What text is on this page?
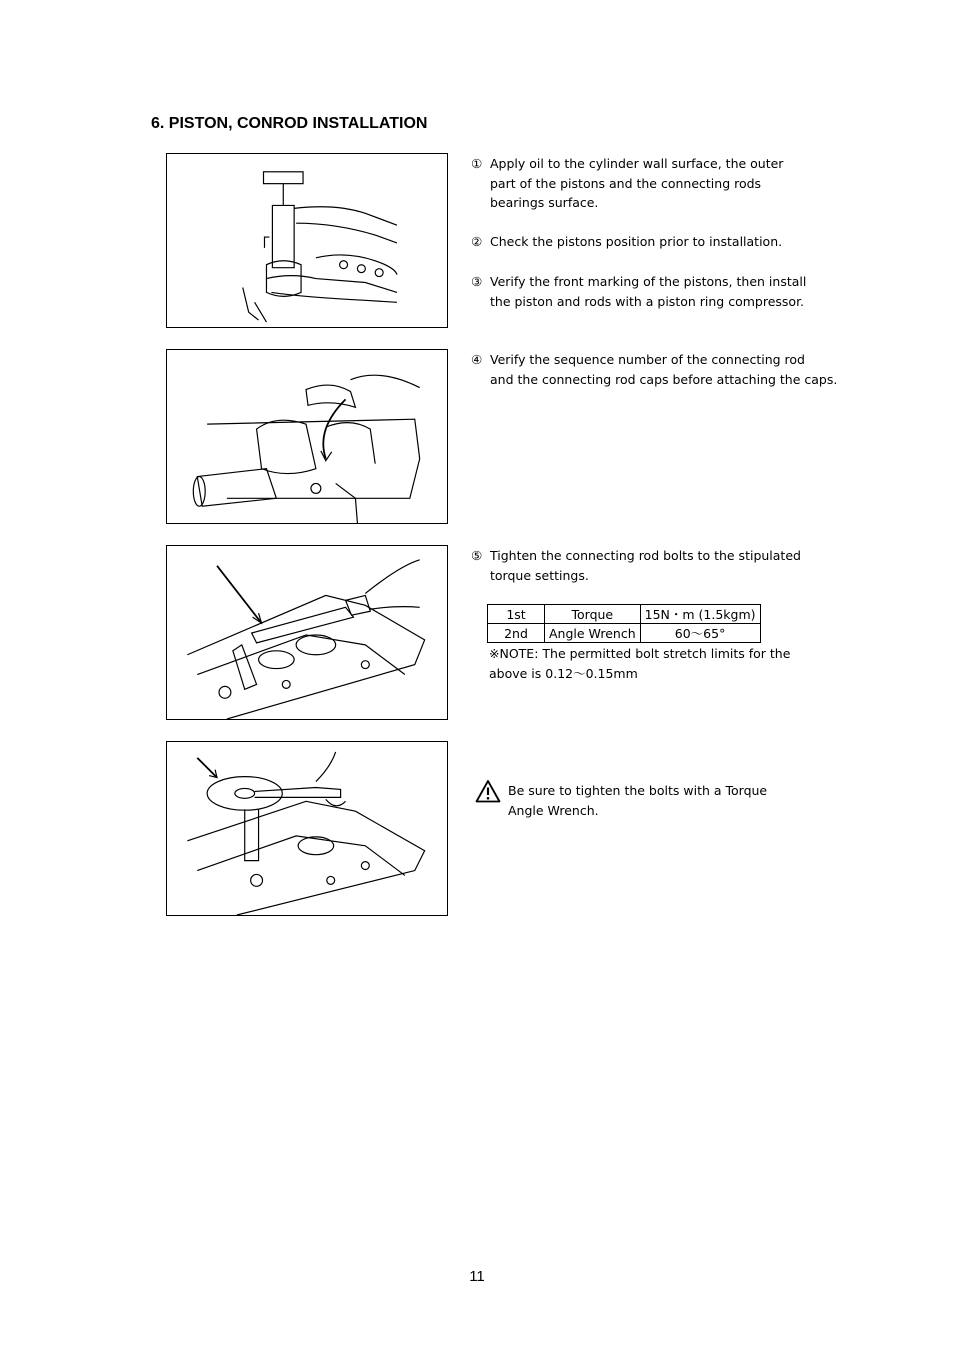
6. PISTON, CONROD INSTALLATION
① Apply oil to the cylinder wall surface, the outer
part of the pistons and the connecting rods
bearings surface.
② Check the pistons position prior to installation.
③ Verify the front marking of the pistons, then install
the piston and rods with a piston ring compressor.
④ Verify the sequence number of the connecting rod
and the connecting rod caps before attaching the caps.
⑤ Tighten the connecting rod bolts to the stipulated
torque settings.
1st	Torque	15N・m (1.5kgm)
2nd	Angle Wrench	60～65°
※NOTE: The permitted bolt stretch limits for the
above is 0.12～0.15mm
Be sure to tighten the bolts with a Torque
Angle Wrench.
11
